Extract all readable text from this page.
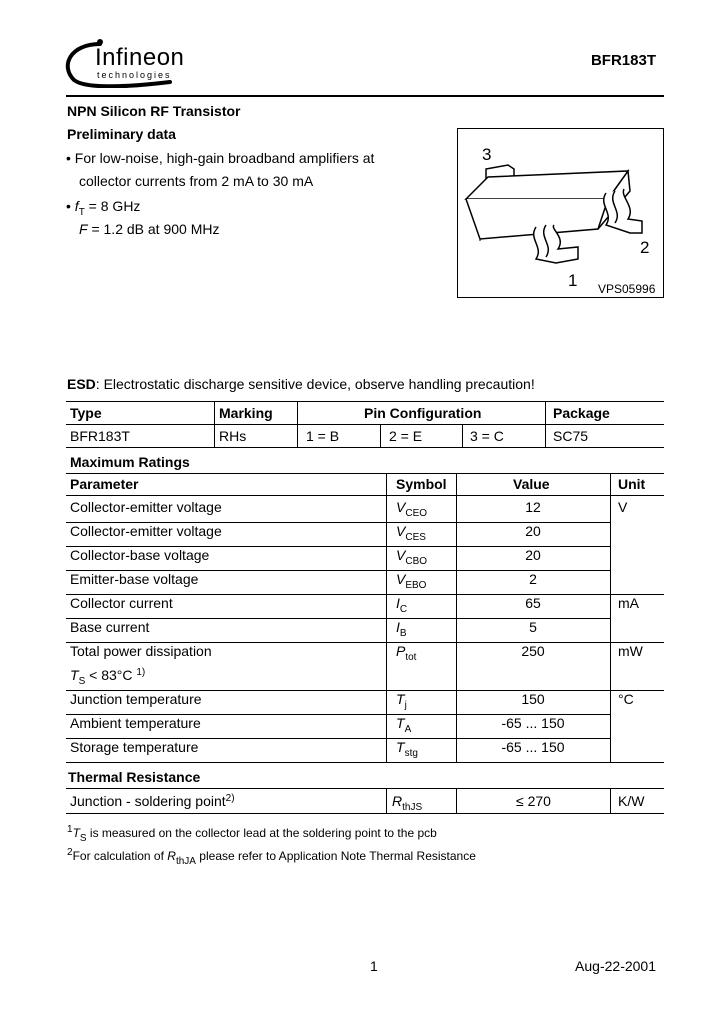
Infineon
technologies
BFR183T
NPN Silicon RF Transistor
Preliminary data
• For low-noise, high-gain broadband amplifiers at
collector currents from 2 mA to 30 mA
• $f_T = 8$ GHz
F = 1.2 dB at 900 MHz
3
2
1 VPS05996
ESD: Electrostatic discharge sensitive device, observe handling precaution!
Type	Marking	Pin Configuration	Package
BFR183T	RHs	1 = B	2 = E	3 = C	SC75
Maximum Ratings
Parameter	Symbol	Value	Unit
Collector-emitter voltage	$V_{CEO}$	12	V
Collector-emitter voltage	$V_{CES}$	20
Collector-base voltage	$V_{CBO}$	20
Emitter-base voltage	$V_{EBO}$	2
Collector current	$I_C$	65	mA
Base current	$I_B$	5
Total power dissipation
$T_S < 83^\circ C$ $^{1)}$
$P_{tot}$	250	mW
Junction temperature	$T_j$	150	°C
Ambient temperature	$T_A$	-65 ... 150
Storage temperature	$T_{stg}$	-65 ... 150
Thermal Resistance
Junction - soldering point$^{2)}$	$R_{thJS}$	≤ 270	K/W
$^1T_S$ is measured on the collector lead at the soldering point to the pcb
$^2$For calculation of $R_{thJA}$ please refer to Application Note Thermal Resistance
1	Aug-22-2001
